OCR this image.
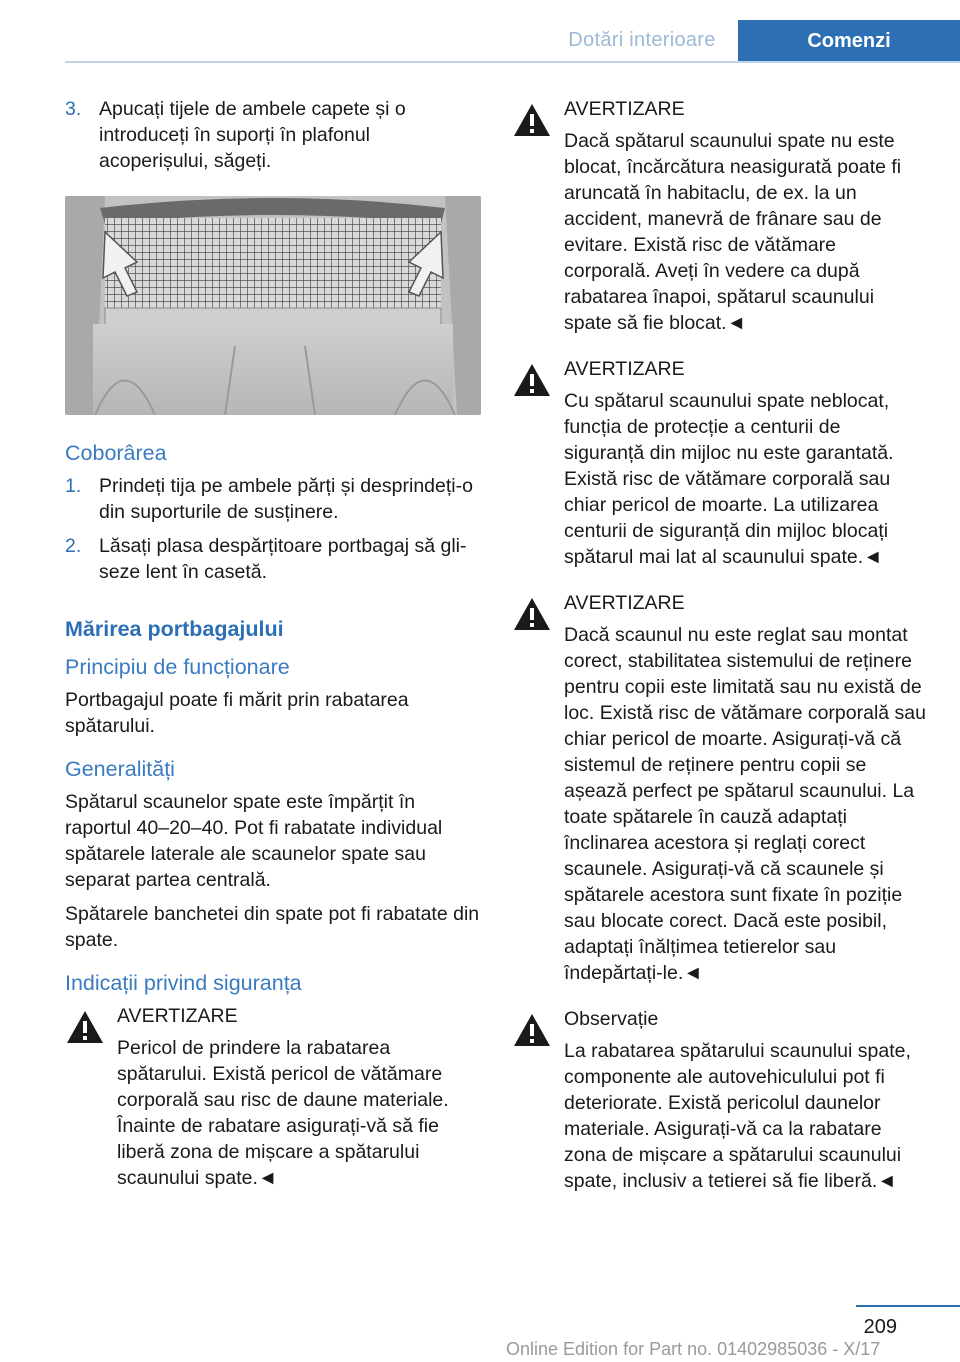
Dotări interioare	Comenzi
3. Apucați tijele de ambele capete și o introduceți în suporți în plafonul acoperișului, săgeți.
Coborârea
1. Prindeți tija pe ambele părți și desprindeți-o din suporturile de susținere.
2. Lăsați plasa despărțitoare portbagaj să gliseze lent în casetă.
Mărirea portbagajului
Principiu de funcționare

Portbagajul poate fi mărit prin rabatarea spătarului.

Generalități

Spătarul scaunelor spate este împărțit în raportul 40–20–40. Pot fi rabatate individual spătarele laterale ale scaunelor spate sau separat partea centrală.

Spătarele banchetei din spate pot fi rabatate din spate.

Indicații privind siguranța
AVERTIZARE
Pericol de prindere la rabatarea spătarului. Există pericol de vătămare corporală sau risc de daune materiale. Înainte de rabatare asigurați-vă să fie liberă zona de mișcare a spătarului scaunului spate.◄
AVERTIZARE
Dacă spătarul scaunului spate nu este blocat, încărcătura neasigurată poate fi aruncată în habitaclu, de ex. la un accident, manevră de frânare sau de evitare. Există risc de vătămare corporală. Aveți în vedere ca după rabatarea înapoi, spătarul scaunului spate să fie blocat.◄
AVERTIZARE
Cu spătarul scaunului spate neblocat, funcția de protecție a centurii de siguranță din mijloc nu este garantată. Există risc de vătămare corporală sau chiar pericol de moarte. La utilizarea centurii de siguranță din mijloc blocați spătarul mai lat al scaunului spate.◄
AVERTIZARE
Dacă scaunul nu este reglat sau montat corect, stabilitatea sistemului de reținere pentru copii este limitată sau nu există de loc. Există risc de vătămare corporală sau chiar pericol de moarte. Asigurați-vă că sistemul de reținere pentru copii se așează perfect pe spătarul scaunului. La toate spătarele în cauză adaptați înclinarea acestora și reglați corect scaunele. Asigurați-vă că scaunele și spătarele acestora sunt fixate în poziție sau blocate corect. Dacă este posibil, adaptați înălțimea tetierelor sau îndepărtați-le.◄
Observație
La rabatarea spătarului scaunului spate, componente ale autovehiculului pot fi deteriorate. Există pericolul daunelor materiale. Asigurați-vă ca la rabatare zona de mișcare a spătarului scaunului spate, inclusiv a tetierei să fie liberă.◄
209
Online Edition for Part no. 01402985036 - X/17
